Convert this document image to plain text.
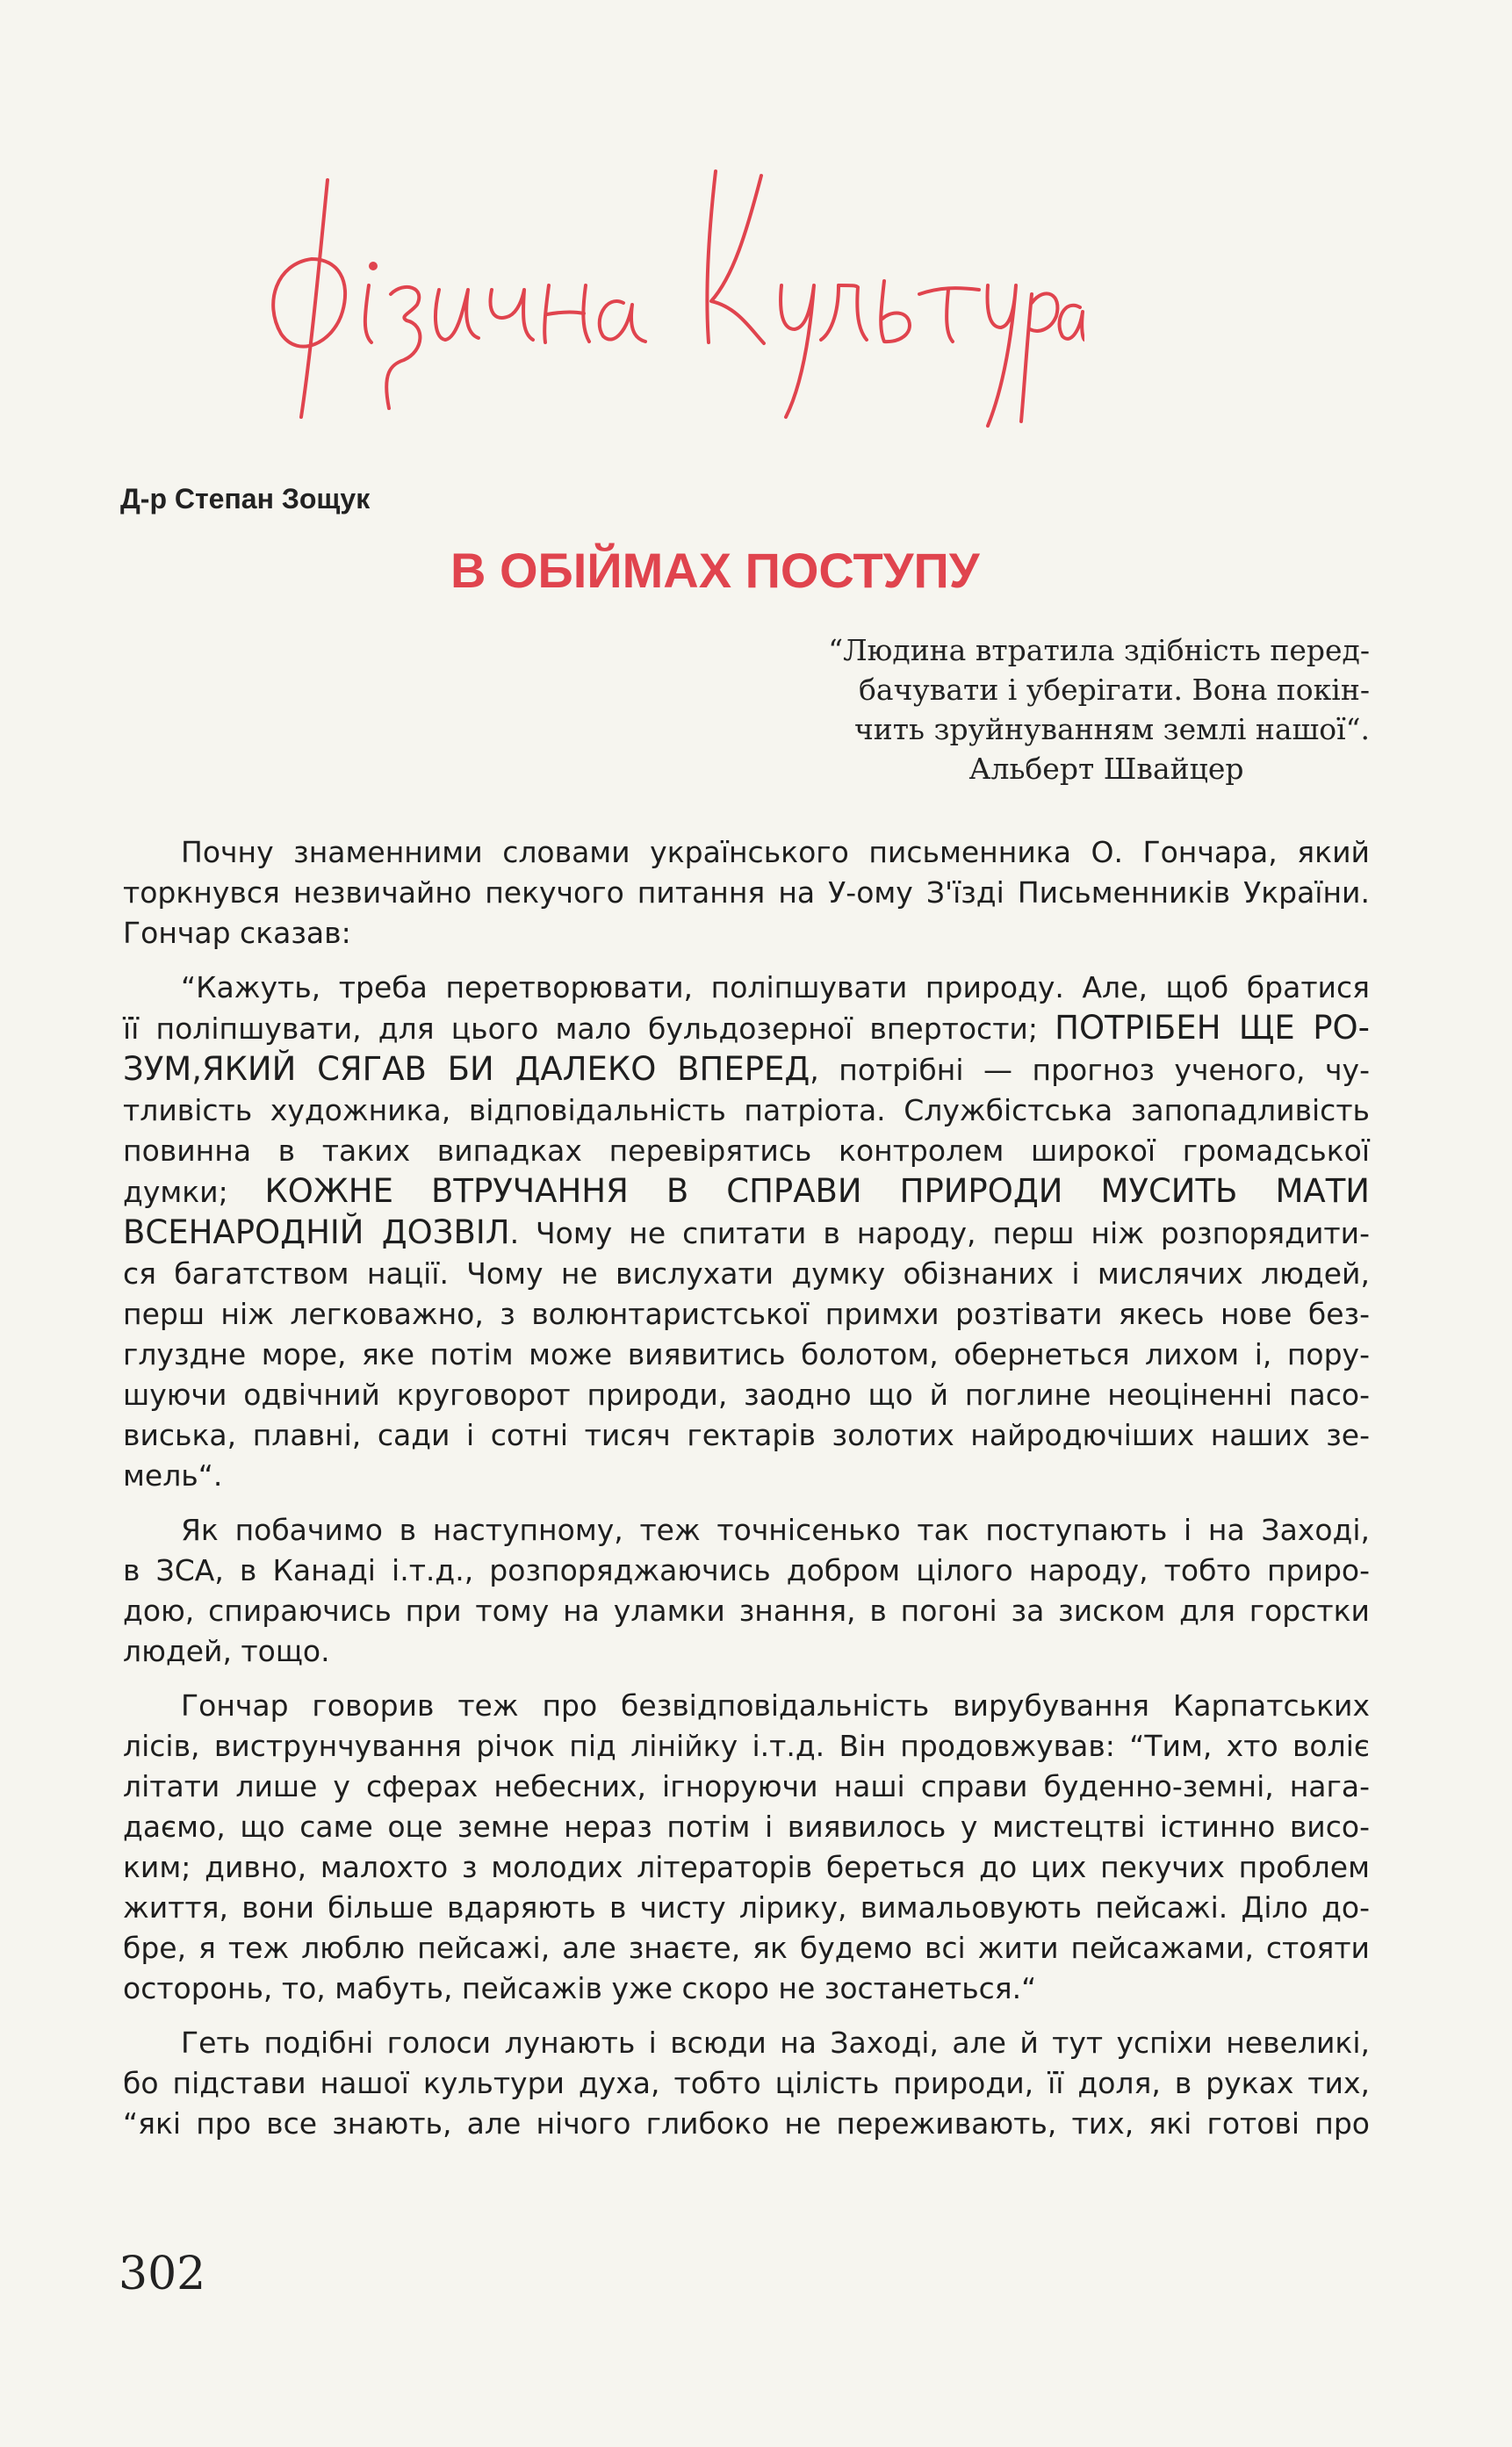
Д-р Степан Зощук
В ОБІЙМАХ ПОСТУПУ
“Людина втратила здібність перед-
бачувати і уберігати. Вона покін-
чить зруйнуванням землі нашої“.
Альберт Швайцер

Почну знаменними словами українського письменника О. Гончара, який
торкнувся незвичайно пекучого питання на У-ому З'їзді Письменників України.
Гончар сказав:

“Кажуть, треба перетворювати, поліпшувати природу. Але, щоб братися
її поліпшувати, для цього мало бульдозерної впертости; ПОТРІБЕН ЩЕ РО-
ЗУМ,ЯКИЙ СЯГАВ БИ ДАЛЕКО ВПЕРЕД, потрібні — прогноз ученого, чу-
тливість художника, відповідальність патріота. Службістська запопадливість
повинна в таких випадках перевірятись контролем широкої громадської
думки; КОЖНЕ ВТРУЧАННЯ В СПРАВИ ПРИРОДИ МУСИТЬ МАТИ
ВСЕНАРОДНІЙ ДОЗВІЛ. Чому не спитати в народу, перш ніж розпорядити-
ся багатством нації. Чому не вислухати думку обізнаних і мислячих людей,
перш ніж легковажно, з волюнтаристської примхи розтівати якесь нове без-
глуздне море, яке потім може виявитись болотом, обернеться лихом і, пору-
шуючи одвічний круговорот природи, заодно що й поглине неоціненні пасо-
виська, плавні, сади і сотні тисяч гектарів золотих найродючіших наших зе-
мель“.

Як побачимо в наступному, теж точнісенько так поступають і на Заході,
в ЗСА, в Канаді і.т.д., розпоряджаючись добром цілого народу, тобто приро-
дою, спираючись при тому на уламки знання, в погоні за зиском для горстки
людей, тощо.

Гончар говорив теж про безвідповідальність вирубування Карпатських
лісів, виструнчування річок під лінійку і.т.д. Він продовжував: “Тим, хто воліє
літати лише у сферах небесних, ігноруючи наші справи буденно-земні, нага-
даємо, що саме оце земне нераз потім і виявилось у мистецтві істинно висо-
ким; дивно, малохто з молодих літераторів береться до цих пекучих проблем
життя, вони більше вдаряють в чисту лірику, вимальовують пейсажі. Діло до-
бре, я теж люблю пейсажі, але знаєте, як будемо всі жити пейсажами, стояти
осторонь, то, мабуть, пейсажів уже скоро не зостанеться.“

Геть подібні голоси лунають і всюди на Заході, але й тут успіхи невеликі,
бо підстави нашої культури духа, тобто цілість природи, її доля, в руках тих,
“які про все знають, але нічого глибоко не переживають, тих, які готові про

302
